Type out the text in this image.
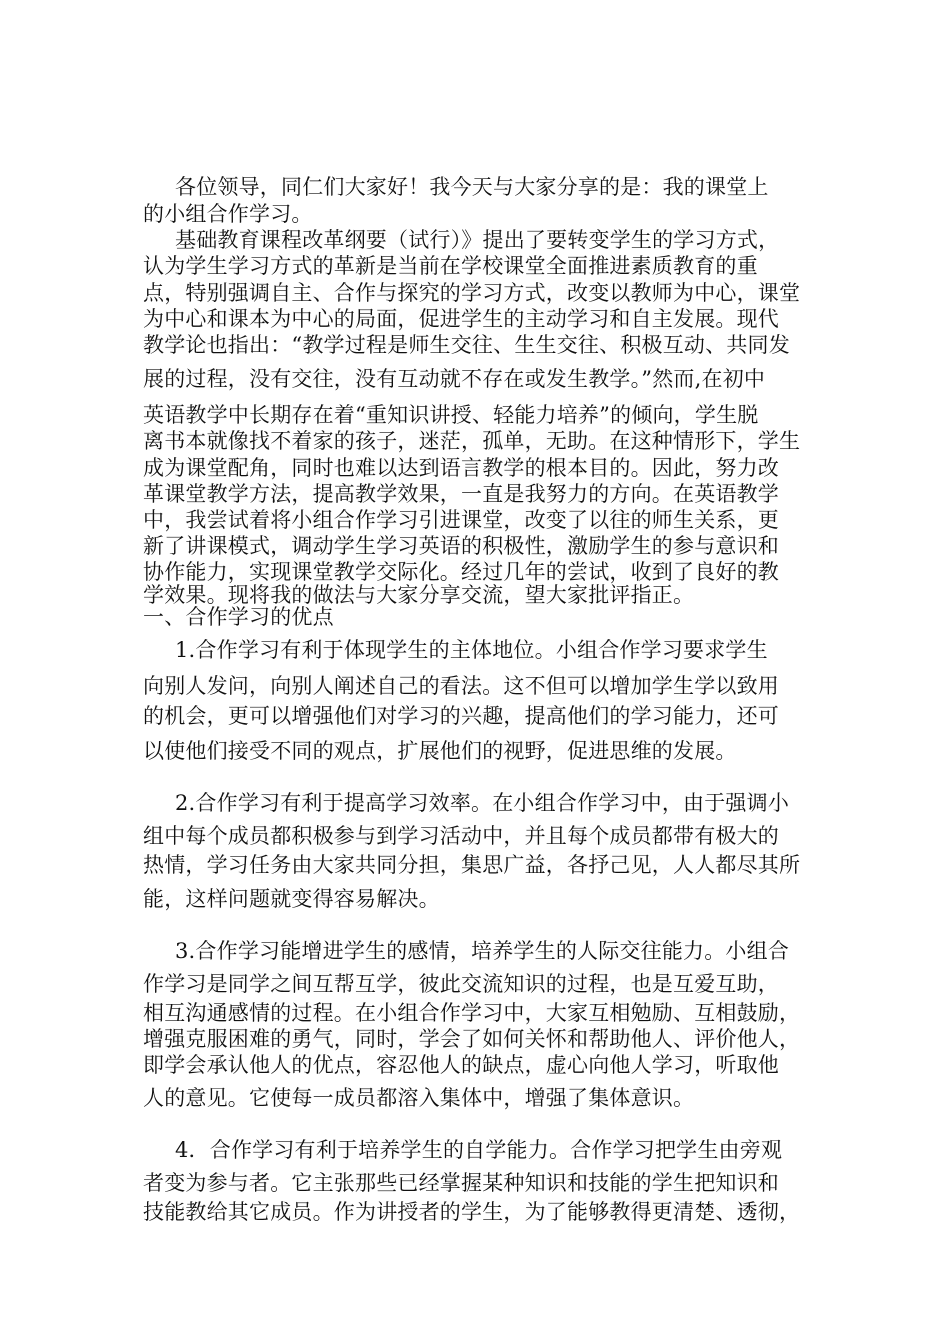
各位领导，同仁们大家好！我今天与大家分享的是：我的课堂上
的小组合作学习。
基础教育课程改革纲要（试行）》提出了要转变学生的学习方式，
认为学生学习方式的革新是当前在学校课堂全面推进素质教育的重
点，特别强调自主、合作与探究的学习方式，改变以教师为中心，课堂
为中心和课本为中心的局面，促进学生的主动学习和自主发展。现代
教学论也指出：“教学过程是师生交往、生生交往、积极互动、共同发
展的过程，没有交往，没有互动就不存在或发生教学。”然而,在初中
英语教学中长期存在着“重知识讲授、轻能力培养”的倾向，学生脱
离书本就像找不着家的孩子，迷茫，孤单，无助。在这种情形下，学生
成为课堂配角，同时也难以达到语言教学的根本目的。因此，努力改
革课堂教学方法，提高教学效果，一直是我努力的方向。在英语教学
中，我尝试着将小组合作学习引进课堂，改变了以往的师生关系，更
新了讲课模式，调动学生学习英语的积极性，激励学生的参与意识和
协作能力，实现课堂教学交际化。经过几年的尝试，收到了良好的教
学效果。现将我的做法与大家分享交流，望大家批评指正。
一、合作学习的优点
1.合作学习有利于体现学生的主体地位。小组合作学习要求学生
向别人发问，向别人阐述自己的看法。这不但可以增加学生学以致用
的机会，更可以增强他们对学习的兴趣，提高他们的学习能力，还可
以使他们接受不同的观点，扩展他们的视野，促进思维的发展。
2.合作学习有利于提高学习效率。在小组合作学习中，由于强调小
组中每个成员都积极参与到学习活动中，并且每个成员都带有极大的
热情，学习任务由大家共同分担，集思广益，各抒己见，人人都尽其所
能，这样问题就变得容易解决。
3.合作学习能增进学生的感情，培养学生的人际交往能力。小组合
作学习是同学之间互帮互学，彼此交流知识的过程，也是互爱互助，
相互沟通感情的过程。在小组合作学习中，大家互相勉励、互相鼓励，
增强克服困难的勇气，同时，学会了如何关怀和帮助他人、评价他人，
即学会承认他人的优点，容忍他人的缺点，虚心向他人学习，听取他
人的意见。它使每一成员都溶入集体中，增强了集体意识。
4．合作学习有利于培养学生的自学能力。合作学习把学生由旁观
者变为参与者。它主张那些已经掌握某种知识和技能的学生把知识和
技能教给其它成员。作为讲授者的学生，为了能够教得更清楚、透彻，
